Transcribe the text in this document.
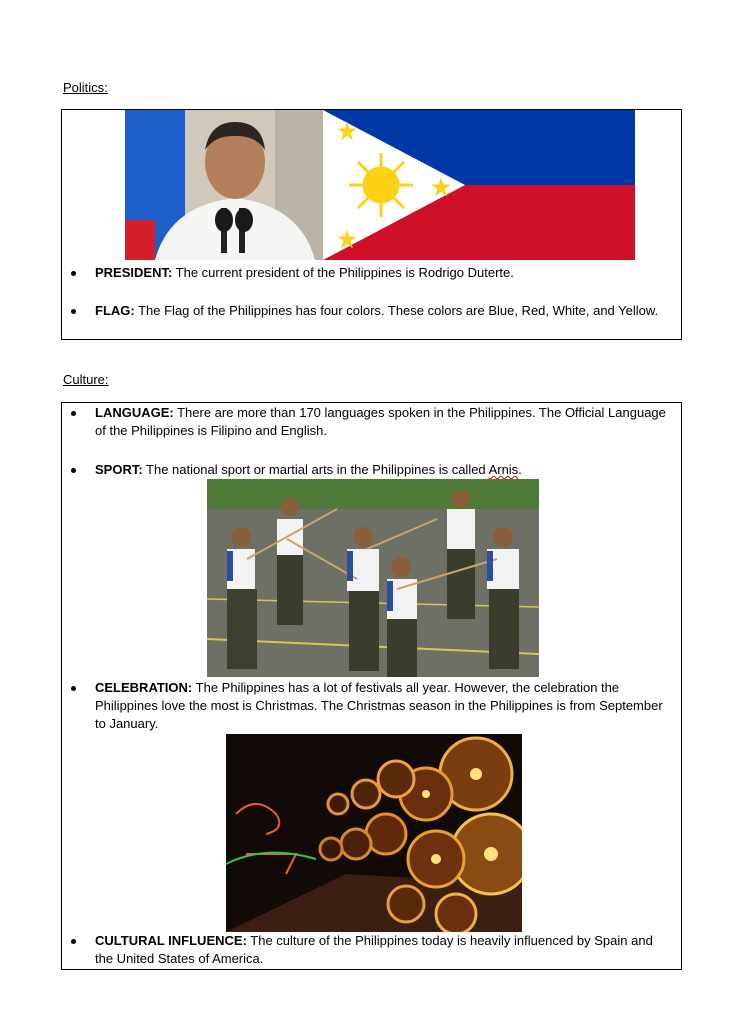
Politics:
PRESIDENT: The current president of the Philippines is Rodrigo Duterte.
FLAG: The Flag of the Philippines has four colors. These colors are Blue, Red, White, and Yellow.
Culture:
LANGUAGE: There are more than 170 languages spoken in the Philippines. The Official Language of the Philippines is Filipino and English.
SPORT: The national sport or martial arts in the Philippines is called Arnis.
CELEBRATION: The Philippines has a lot of festivals all year. However, the celebration the Philippines love the most is Christmas. The Christmas season in the Philippines is from September to January.
CULTURAL INFLUENCE: The culture of the Philippines today is heavily influenced by Spain and the United States of America.
